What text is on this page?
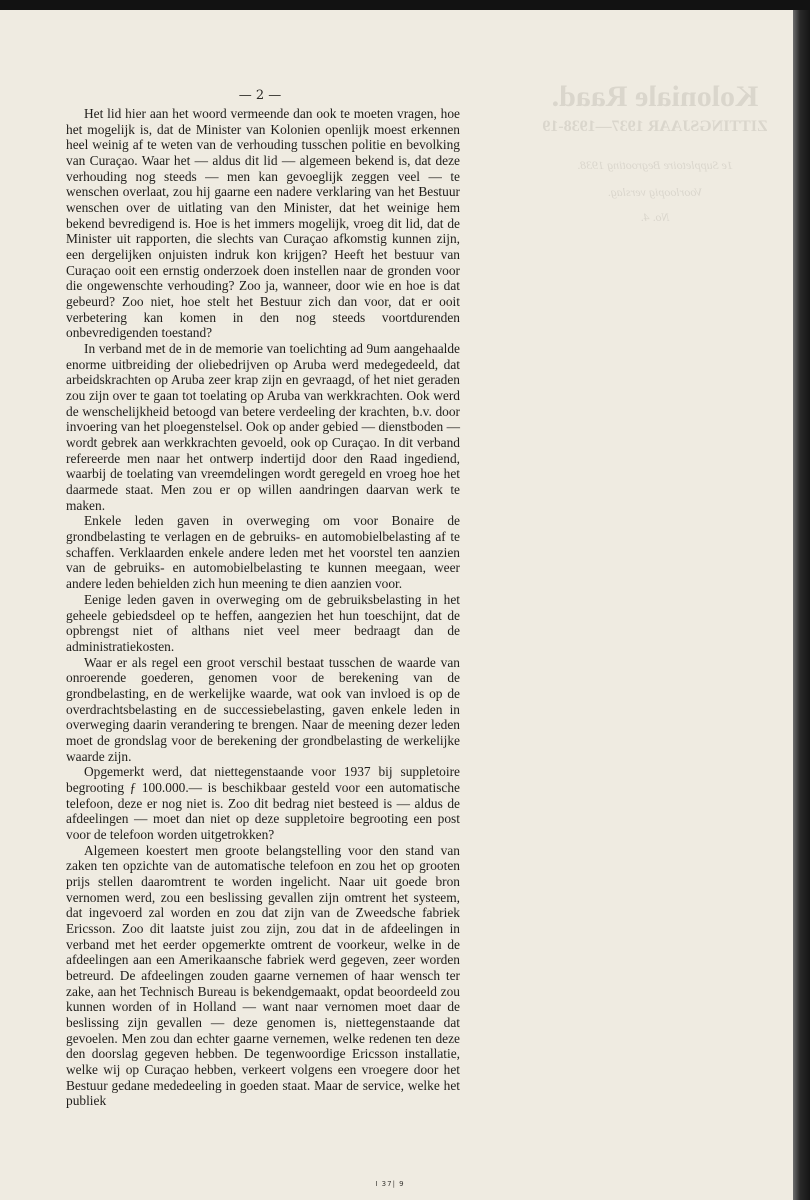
Koloniale Raad.
ZITTINGSJAAR 1937—1938-19
1e Suppletoire Begrooting 1938.
Voorloopig verslag.
No. 4.
— 2 —

Het lid hier aan het woord vermeende dan ook te moeten vragen, hoe het mogelijk is, dat de Minister van Kolonien openlijk moest erkennen heel weinig af te weten van de verhouding tusschen politie en bevolking van Curaçao. Waar het — aldus dit lid — algemeen bekend is, dat deze verhouding nog steeds — men kan gevoeglijk zeggen veel — te wenschen overlaat, zou hij gaarne een nadere verklaring van het Bestuur wenschen over de uitlating van den Minister, dat het weinige hem bekend bevredigend is. Hoe is het immers mogelijk, vroeg dit lid, dat de Minister uit rapporten, die slechts van Curaçao afkomstig kunnen zijn, een dergelijken onjuisten indruk kon krijgen? Heeft het bestuur van Curaçao ooit een ernstig onderzoek doen instellen naar de gronden voor die ongewenschte verhouding? Zoo ja, wanneer, door wie en hoe is dat gebeurd? Zoo niet, hoe stelt het Bestuur zich dan voor, dat er ooit verbetering kan komen in den nog steeds voortdurenden onbevredigenden toestand?

In verband met de in de memorie van toelichting ad 9um aangehaalde enorme uitbreiding der oliebedrijven op Aruba werd medegedeeld, dat arbeidskrachten op Aruba zeer krap zijn en gevraagd, of het niet geraden zou zijn over te gaan tot toelating op Aruba van werkkrachten. Ook werd de wenschelijkheid betoogd van betere verdeeling der krachten, b.v. door invoering van het ploegenstelsel. Ook op ander gebied — dienstboden — wordt gebrek aan werkkrachten gevoeld, ook op Curaçao. In dit verband refereerde men naar het ontwerp indertijd door den Raad ingediend, waarbij de toelating van vreemdelingen wordt geregeld en vroeg hoe het daarmede staat. Men zou er op willen aandringen daarvan werk te maken.

Enkele leden gaven in overweging om voor Bonaire de grondbelasting te verlagen en de gebruiks- en automobielbelasting af te schaffen. Verklaarden enkele andere leden met het voorstel ten aanzien van de gebruiks- en automobielbelasting te kunnen meegaan, weer andere leden behielden zich hun meening te dien aanzien voor.

Eenige leden gaven in overweging om de gebruiksbelasting in het geheele gebiedsdeel op te heffen, aangezien het hun toeschijnt, dat de opbrengst niet of althans niet veel meer bedraagt dan de administratiekosten.

Waar er als regel een groot verschil bestaat tusschen de waarde van onroerende goederen, genomen voor de berekening van de grondbelasting, en de werkelijke waarde, wat ook van invloed is op de overdrachtsbelasting en de successiebelasting, gaven enkele leden in overweging daarin verandering te brengen. Naar de meening dezer leden moet de grondslag voor de berekening der grondbelasting de werkelijke waarde zijn.

Opgemerkt werd, dat niettegenstaande voor 1937 bij suppletoire begrooting ƒ 100.000.— is beschikbaar gesteld voor een automatische telefoon, deze er nog niet is. Zoo dit bedrag niet besteed is — aldus de afdeelingen — moet dan niet op deze suppletoire begrooting een post voor de telefoon worden uitgetrokken?

Algemeen koestert men groote belangstelling voor den stand van zaken ten opzichte van de automatische telefoon en zou het op grooten prijs stellen daaromtrent te worden ingelicht. Naar uit goede bron vernomen werd, zou een beslissing gevallen zijn omtrent het systeem, dat ingevoerd zal worden en zou dat zijn van de Zweedsche fabriek Ericsson. Zoo dit laatste juist zou zijn, zou dat in de afdeelingen in verband met het eerder opgemerkte omtrent de voorkeur, welke in de afdeelingen aan een Amerikaansche fabriek werd gegeven, zeer worden betreurd. De afdeelingen zouden gaarne vernemen of haar wensch ter zake, aan het Technisch Bureau is bekendgemaakt, opdat beoordeeld zou kunnen worden of in Holland — want naar vernomen moet daar de beslissing zijn gevallen — deze genomen is, niettegenstaande dat gevoelen. Men zou dan echter gaarne vernemen, welke redenen ten deze den doorslag gegeven hebben. De tegenwoordige Ericsson installatie, welke wij op Curaçao hebben, verkeert volgens een vroegere door het Bestuur gedane mededeeling in goeden staat. Maar de service, welke het publiek

I 37| 9
